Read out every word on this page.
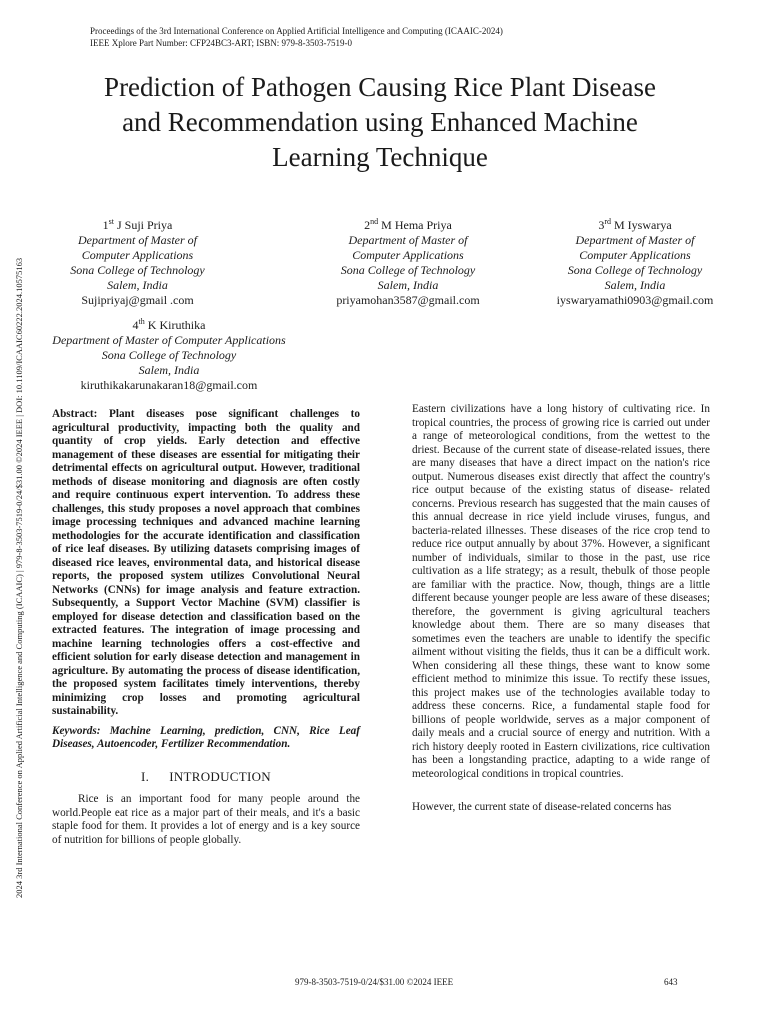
Proceedings of the 3rd International Conference on Applied Artificial Intelligence and Computing (ICAAIC-2024)
IEEE Xplore Part Number: CFP24BC3-ART; ISBN: 979-8-3503-7519-0
2024 3rd International Conference on Applied Artificial Intelligence and Computing (ICAAIC) | 979-8-3503-7519-0/24/$31.00 ©2024 IEEE | DOI: 10.1109/ICAAIC60222.2024.10575163
Prediction of Pathogen Causing Rice Plant Disease
and Recommendation using Enhanced Machine
Learning Technique
1st J Suji Priya
Department of Master of
Computer Applications
Sona College of Technology
Salem, India
Sujipriyaj@gmail .com
2nd M Hema Priya
Department of Master of
Computer Applications
Sona College of Technology
Salem, India
priyamohan3587@gmail.com
3rd M Iyswarya
Department of Master of
Computer Applications
Sona College of Technology
Salem, India
iyswaryamathi0903@gmail.com
4th K Kiruthika
Department of Master of Computer Applications
Sona College of Technology
Salem, India
kiruthikakarunakaran18@gmail.com

Abstract: Plant diseases pose significant challenges to agricultural productivity, impacting both the quality and quantity of crop yields. Early detection and effective management of these diseases are essential for mitigating their detrimental effects on agricultural output. However, traditional methods of disease monitoring and diagnosis are often costly and require continuous expert intervention. To address these challenges, this study proposes a novel approach that combines image processing techniques and advanced machine learning methodologies for the accurate identification and classification of rice leaf diseases. By utilizing datasets comprising images of diseased rice leaves, environmental data, and historical disease reports, the proposed system utilizes Convolutional Neural Networks (CNNs) for image analysis and feature extraction. Subsequently, a Support Vector Machine (SVM) classifier is employed for disease detection and classification based on the extracted features. The integration of image processing and machine learning technologies offers a cost-effective and efficient solution for early disease detection and management in agriculture. By automating the process of disease identification, the proposed system facilitates timely interventions, thereby minimizing crop losses and promoting agricultural sustainability.

Keywords: Machine Learning, prediction, CNN, Rice Leaf Diseases, Autoencoder, Fertilizer Recommendation.

I. INTRODUCTION

Rice is an important food for many people around the world.People eat rice as a major part of their meals, and it's a basic staple food for them. It provides a lot of energy and is a key source of nutrition for billions of people globally.

Eastern civilizations have a long history of cultivating rice. In tropical countries, the process of growing rice is carried out under a range of meteorological conditions, from the wettest to the driest. Because of the current state of disease-related issues, there are many diseases that have a direct impact on the nation's rice output. Numerous diseases exist directly that affect the country's rice output because of the existing status of disease- related concerns. Previous research has suggested that the main causes of this annual decrease in rice yield include viruses, fungus, and bacteria-related illnesses. These diseases of the rice crop tend to reduce rice output annually by about 37%. However, a significant number of individuals, similar to those in the past, use rice cultivation as a life strategy; as a result, thebulk of those people are familiar with the practice. Now, though, things are a little different because younger people are less aware of these diseases; therefore, the government is giving agricultural teachers knowledge about them. There are so many diseases that sometimes even the teachers are unable to identify the specific ailment without visiting the fields, thus it can be a difficult work. When considering all these things, these want to know some efficient method to minimize this issue. To rectify these issues, this project makes use of the technologies available today to address these concerns. Rice, a fundamental staple food for billions of people worldwide, serves as a major component of daily meals and a crucial source of energy and nutrition. With a rich history deeply rooted in Eastern civilizations, rice cultivation has been a longstanding practice, adapting to a wide range of meteorological conditions in tropical countries.

However, the current state of disease-related concerns has

979-8-3503-7519-0/24/$31.00 ©2024 IEEE	643
